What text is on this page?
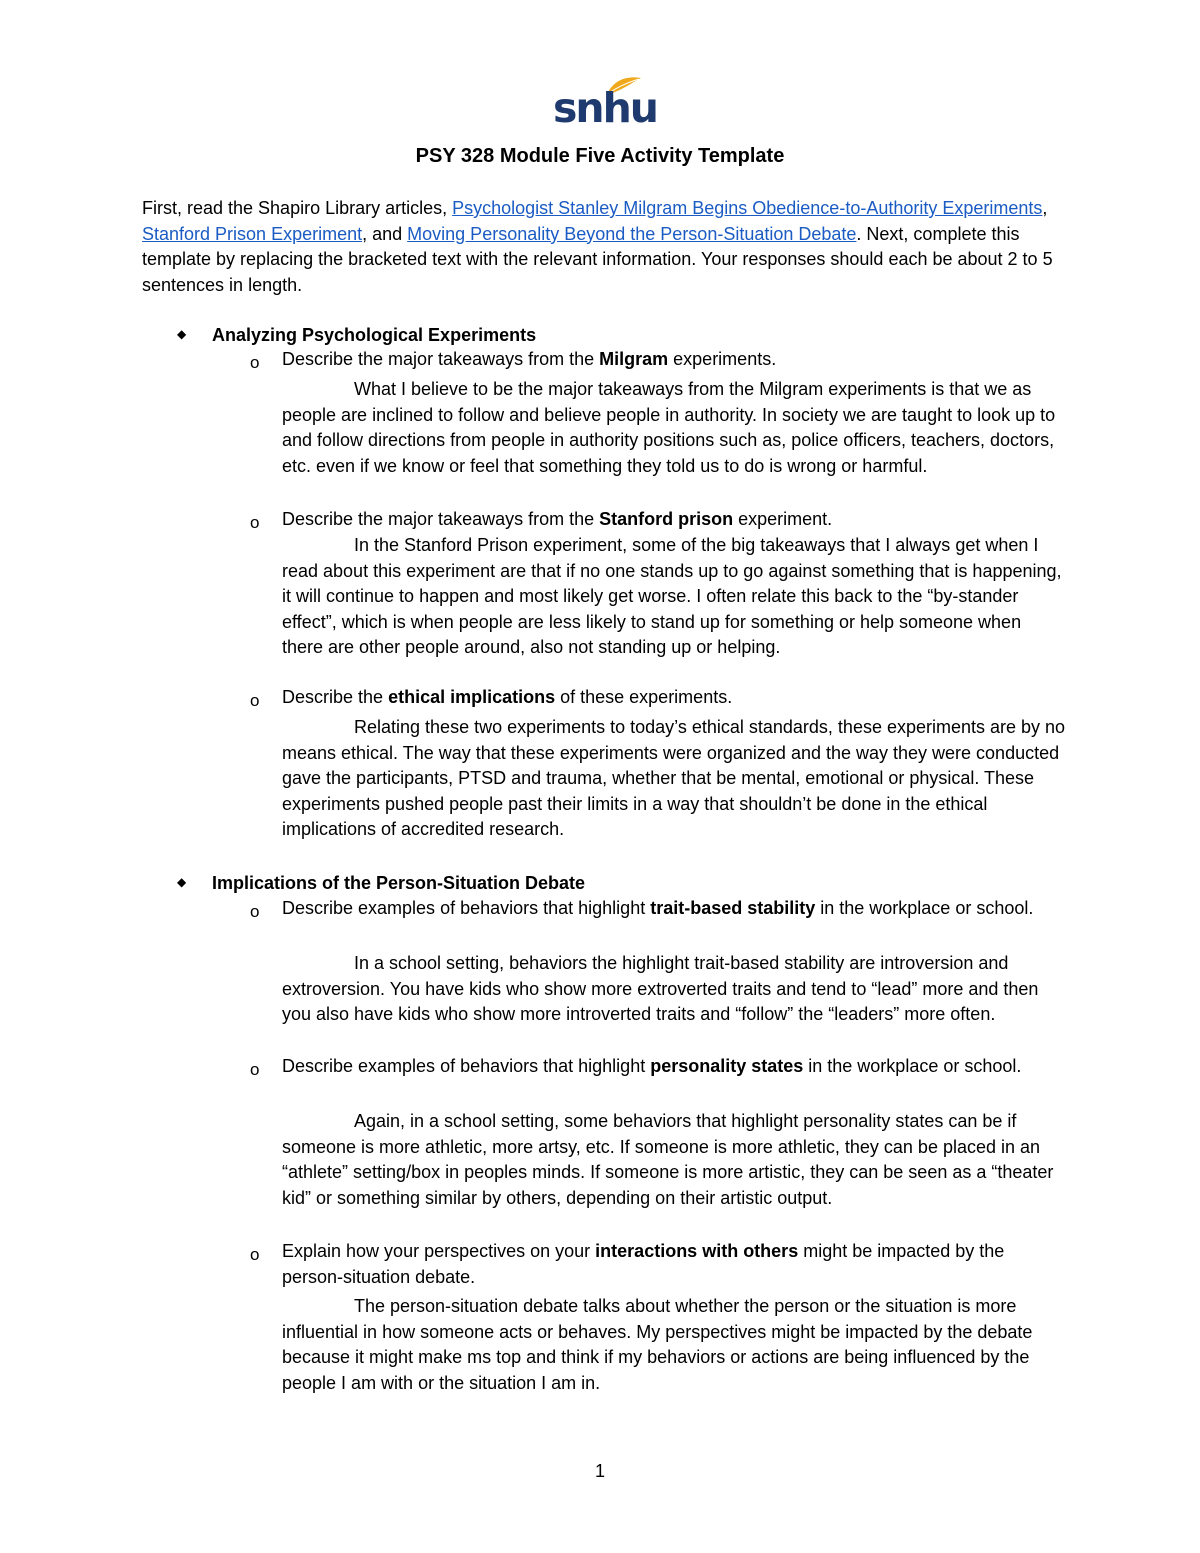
snhu
PSY 328 Module Five Activity Template
First, read the Shapiro Library articles, Psychologist Stanley Milgram Begins Obedience-to-Authority Experiments, Stanford Prison Experiment, and Moving Personality Beyond the Person-Situation Debate. Next, complete this template by replacing the bracketed text with the relevant information. Your responses should each be about 2 to 5 sentences in length.
◆ Analyzing Psychological Experiments
o Describe the major takeaways from the Milgram experiments.
What I believe to be the major takeaways from the Milgram experiments is that we as people are inclined to follow and believe people in authority. In society we are taught to look up to and follow directions from people in authority positions such as, police officers, teachers, doctors, etc. even if we know or feel that something they told us to do is wrong or harmful.
o Describe the major takeaways from the Stanford prison experiment.
In the Stanford Prison experiment, some of the big takeaways that I always get when I read about this experiment are that if no one stands up to go against something that is happening, it will continue to happen and most likely get worse. I often relate this back to the “by-stander effect”, which is when people are less likely to stand up for something or help someone when there are other people around, also not standing up or helping.
o Describe the ethical implications of these experiments.
Relating these two experiments to today’s ethical standards, these experiments are by no means ethical. The way that these experiments were organized and the way they were conducted gave the participants, PTSD and trauma, whether that be mental, emotional or physical. These experiments pushed people past their limits in a way that shouldn’t be done in the ethical implications of accredited research.
◆ Implications of the Person-Situation Debate
o Describe examples of behaviors that highlight trait-based stability in the workplace or school.
In a school setting, behaviors the highlight trait-based stability are introversion and extroversion. You have kids who show more extroverted traits and tend to “lead” more and then you also have kids who show more introverted traits and “follow” the “leaders” more often.
o Describe examples of behaviors that highlight personality states in the workplace or school.
Again, in a school setting, some behaviors that highlight personality states can be if someone is more athletic, more artsy, etc. If someone is more athletic, they can be placed in an “athlete” setting/box in peoples minds. If someone is more artistic, they can be seen as a “theater kid” or something similar by others, depending on their artistic output.
o Explain how your perspectives on your interactions with others might be impacted by the person-situation debate.
The person-situation debate talks about whether the person or the situation is more influential in how someone acts or behaves. My perspectives might be impacted by the debate because it might make ms top and think if my behaviors or actions are being influenced by the people I am with or the situation I am in.
1
